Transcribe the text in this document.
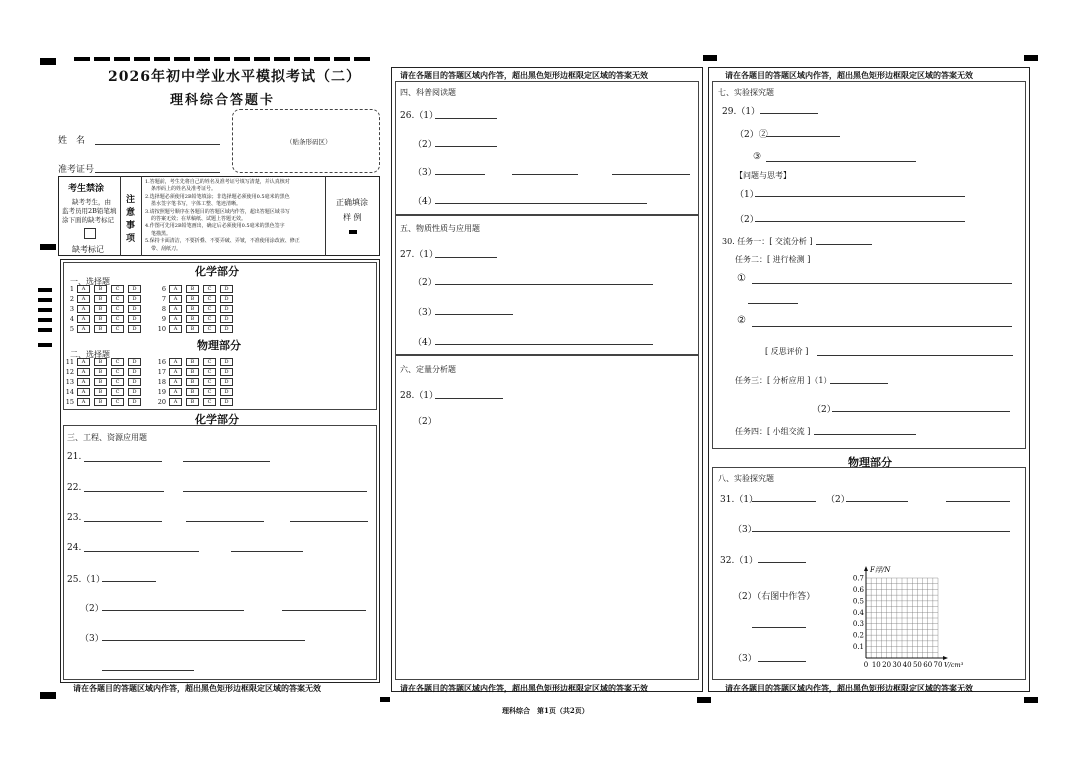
2026年初中学业水平模拟考试（二）
理科综合答题卡
姓　名
准考证号
（贴条形码区）
考生禁涂
缺考考生，由
监考员用2B铅笔填
涂下面的缺考标记
缺考标记
注
意
事
项
1.答题前，考生先将自己的姓名及准考证号填写清楚，并认真核对
条形码上的姓名及准考证号。
2.选择题必须使用2B铅笔填涂；非选择题必须使用0.5毫米的黑色
墨水签字笔书写，字体工整、笔迹清晰。
3.请按照题号顺序在各题目的答题区域内作答，超出答题区域书写
的答案无效；在草稿纸、试题上答题无效。
4.作图可先用2B铅笔画出，确定后必须使用0.5毫米的黑色签字
笔描黑。
5.保持卡面清洁，不要折叠、不要弄破、弄皱，不准使用涂改液、修正
带、刮纸刀。
正确填涂
样 例
化学部分
一、选择题
1 A	B	C	D
2 A	B	C	D
3 A	B	C	D
4 A	B	C	D
5 A	B	C	D
6 A	B	C	D
7 A	B	C	D
8 A	B	C	D
9 A	B	C	D
10 A	B	C	D
物理部分
二、选择题
11 A	B	C	D
12 A	B	C	D
13 A	B	C	D
14 A	B	C	D
15 A	B	C	D
16 A	B	C	D
17 A	B	C	D
18 A	B	C	D
19 A	B	C	D
20 A	B	C	D
化学部分
三、工程、资源应用题
21.
22.
23.
24.
25.（1）
（2）
（3）
请在各题目的答题区域内作答，超出黑色矩形边框限定区域的答案无效
请在各题目的答题区域内作答，超出黑色矩形边框限定区域的答案无效
四、科普阅读题
26.（1）
（2）
（3）
（4）
五、物质性质与应用题
27.（1）
（2）
（3）
（4）
六、定量分析题
28.（1）
（2）
请在各题目的答题区域内作答，超出黑色矩形边框限定区域的答案无效
请在各题目的答题区域内作答，超出黑色矩形边框限定区域的答案无效
七、实验探究题
29.（1）
（2）②
③
【问题与思考】
（1）
（2）
30. 任务一：[ 交流分析 ]
任务二：[ 进行检测 ]
①
②
[ 反思评价 ]
任务三：[ 分析应用 ]（1）
（2）
任务四：[ 小组交流 ]
物理部分
八、实验探究题
31.（1）	（2）
（3）
32.（1）
（2）（右图中作答）
（3）
0 10 20 30 40 50 60 70
0.1
0.2
0.3
0.4
0.5
0.6
0.7
F浮/N
V/cm³
请在各题目的答题区域内作答，超出黑色矩形边框限定区域的答案无效
理科综合　第1页（共2页）
